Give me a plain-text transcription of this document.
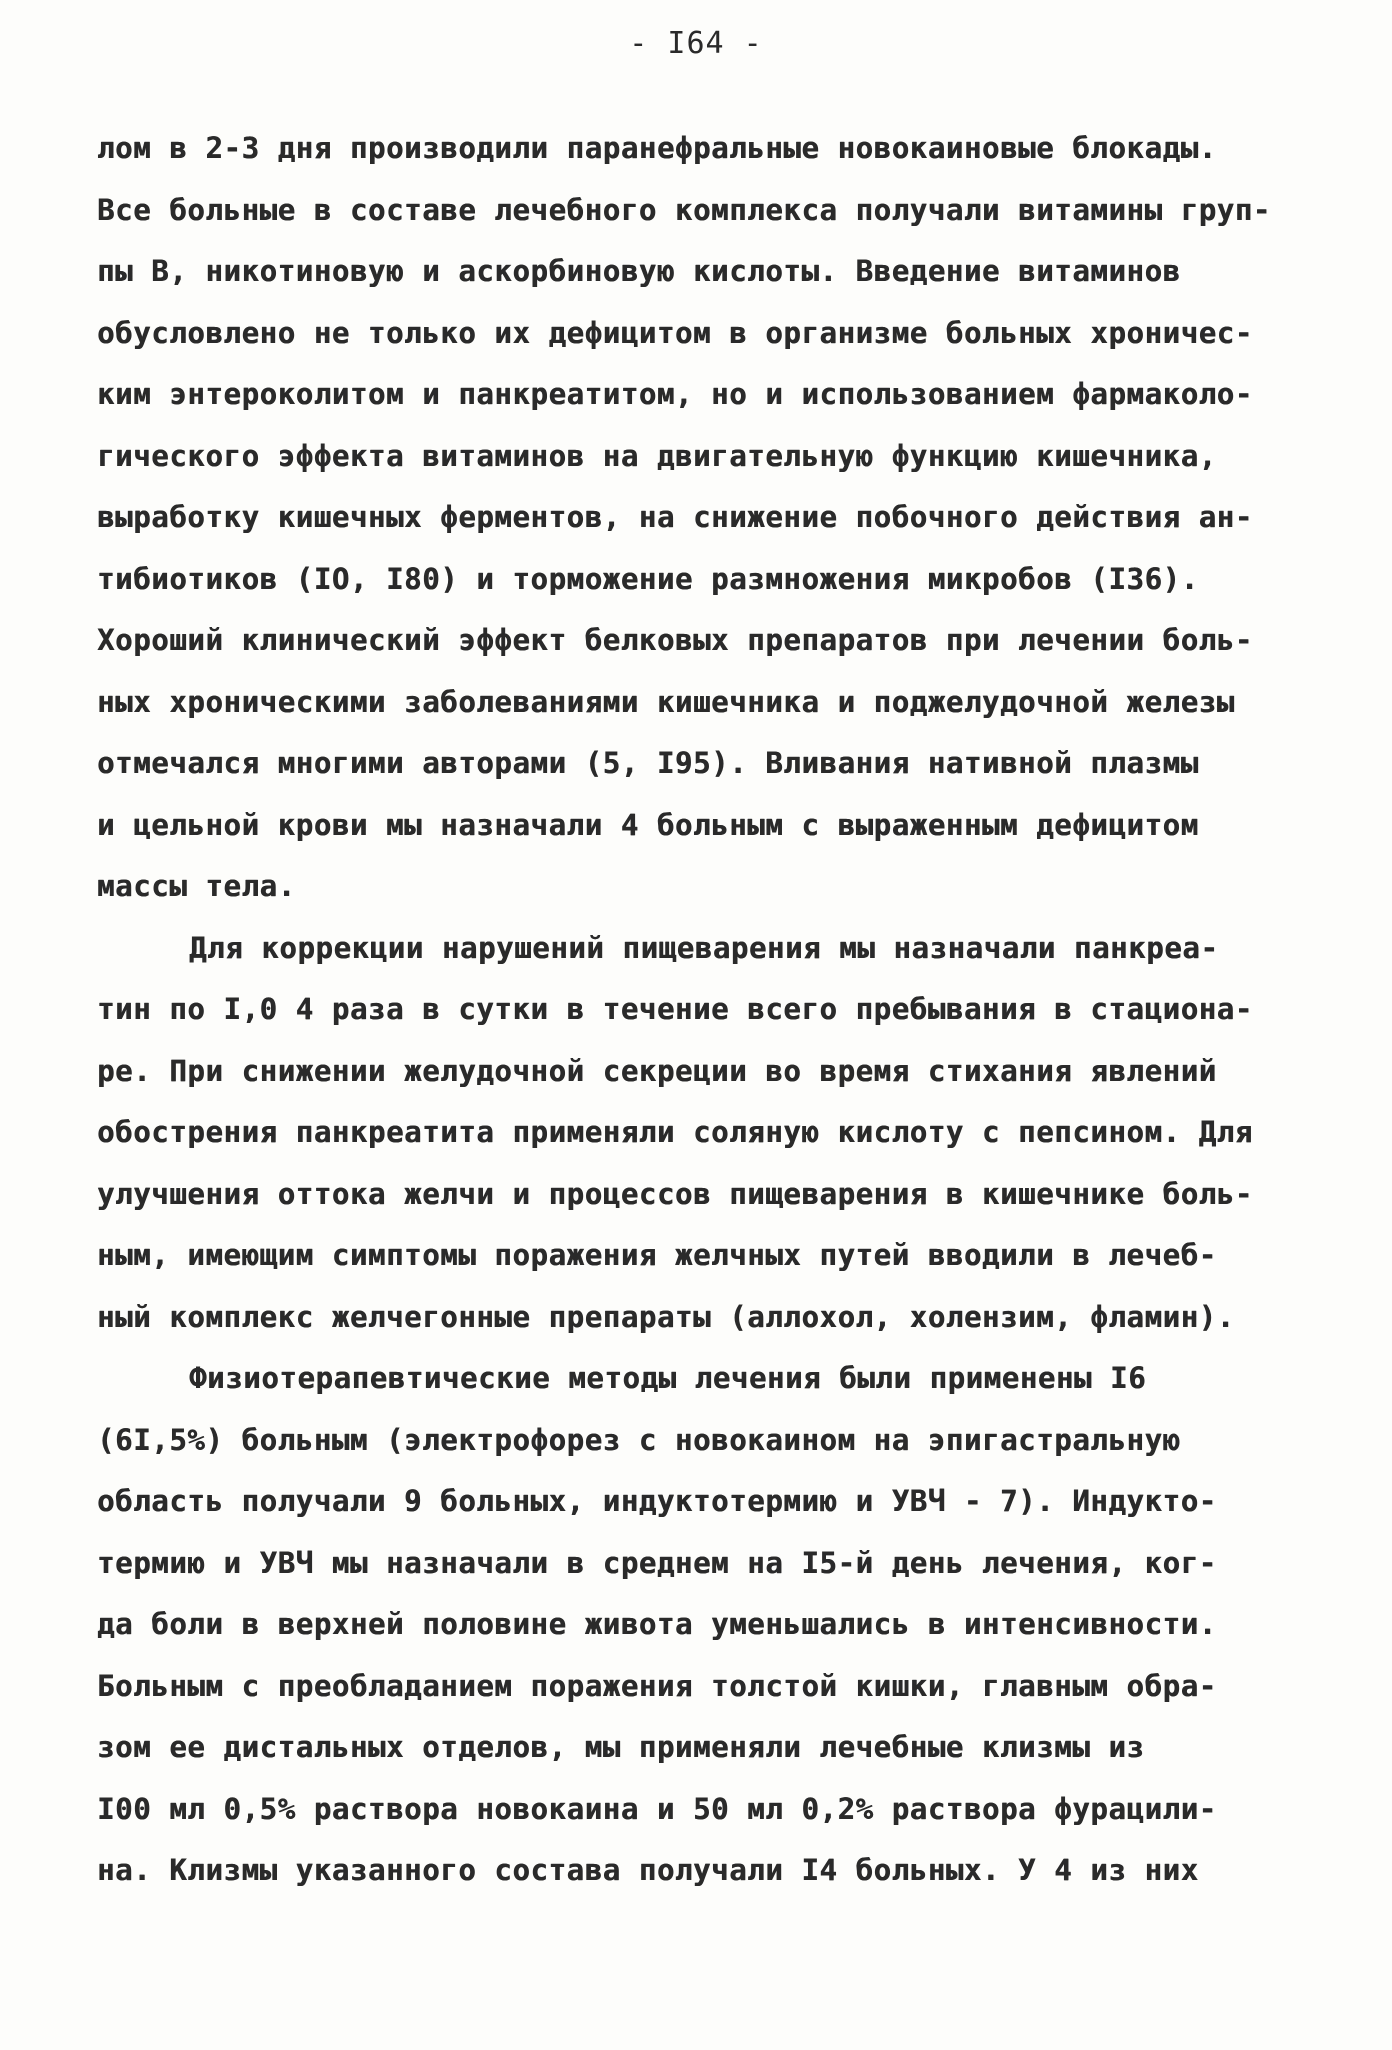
- I64 -
лом в 2-3 дня производили паранефральные новокаиновые блокады.
Все больные в составе лечебного комплекса получали витамины груп-
пы В, никотиновую и аскорбиновую кислоты. Введение витаминов
обусловлено не только их дефицитом в организме больных хроничес-
ким энтероколитом и панкреатитом, но и использованием фармаколо-
гического эффекта витаминов на двигательную функцию кишечника,
выработку кишечных ферментов, на снижение побочного действия ан-
тибиотиков (IO, I80) и торможение размножения микробов (I36).
Хороший клинический эффект белковых препаратов при лечении боль-
ных хроническими заболеваниями кишечника и поджелудочной железы
отмечался многими авторами (5, I95). Вливания нативной плазмы
и цельной крови мы назначали 4 больным с выраженным дефицитом
массы тела.
Для коррекции нарушений пищеварения мы назначали панкреа-
тин по I,0 4 раза в сутки в течение всего пребывания в стациона-
ре. При снижении желудочной секреции во время стихания явлений
обострения панкреатита применяли соляную кислоту с пепсином. Для
улучшения оттока желчи и процессов пищеварения в кишечнике боль-
ным, имеющим симптомы поражения желчных путей вводили в лечеб-
ный комплекс желчегонные препараты (аллохол, холензим, фламин).
Физиотерапевтические методы лечения были применены I6
(6I,5%) больным (электрофорез с новокаином на эпигастральную
область получали 9 больных, индуктотермию и УВЧ - 7). Индукто-
термию и УВЧ мы назначали в среднем на I5-й день лечения, ког-
да боли в верхней половине живота уменьшались в интенсивности.
Больным с преобладанием поражения толстой кишки, главным обра-
зом ее дистальных отделов, мы применяли лечебные клизмы из
I00 мл 0,5% раствора новокаина и 50 мл 0,2% раствора фурацили-
на. Клизмы указанного состава получали I4 больных. У 4 из них
